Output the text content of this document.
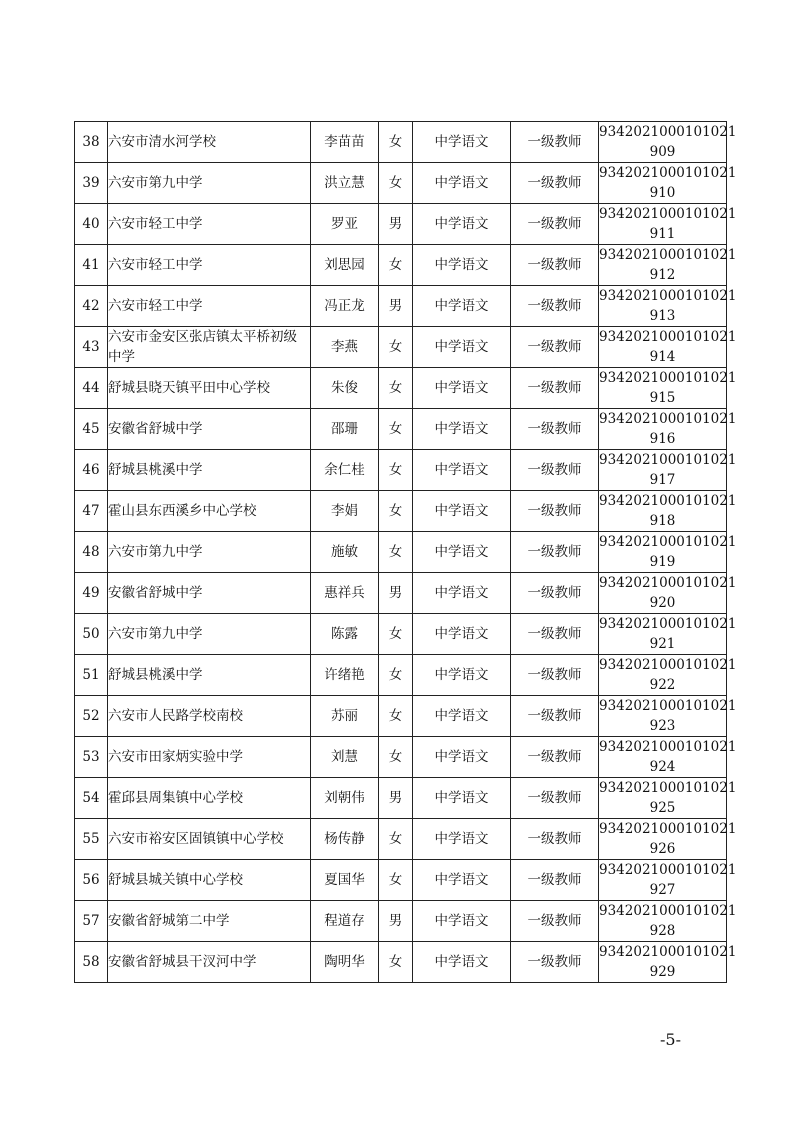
38	六安市清水河学校	李苗苗	女	中学语文	一级教师	9342021000101021
909

39	六安市第九中学	洪立慧	女	中学语文	一级教师	9342021000101021
910

40	六安市轻工中学	罗亚	男	中学语文	一级教师	9342021000101021
911

41	六安市轻工中学	刘思园	女	中学语文	一级教师	9342021000101021
912

42	六安市轻工中学	冯正龙	男	中学语文	一级教师	9342021000101021
913

43	六安市金安区张店镇太平桥初级中学	李燕	女	中学语文	一级教师	9342021000101021
914

44	舒城县晓天镇平田中心学校	朱俊	女	中学语文	一级教师	9342021000101021
915

45	安徽省舒城中学	邵珊	女	中学语文	一级教师	9342021000101021
916

46	舒城县桃溪中学	余仁桂	女	中学语文	一级教师	9342021000101021
917

47	霍山县东西溪乡中心学校	李娟	女	中学语文	一级教师	9342021000101021
918

48	六安市第九中学	施敏	女	中学语文	一级教师	9342021000101021
919

49	安徽省舒城中学	惠祥兵	男	中学语文	一级教师	9342021000101021
920

50	六安市第九中学	陈露	女	中学语文	一级教师	9342021000101021
921

51	舒城县桃溪中学	许绪艳	女	中学语文	一级教师	9342021000101021
922

52	六安市人民路学校南校	苏丽	女	中学语文	一级教师	9342021000101021
923

53	六安市田家炳实验中学	刘慧	女	中学语文	一级教师	9342021000101021
924

54	霍邱县周集镇中心学校	刘朝伟	男	中学语文	一级教师	9342021000101021
925

55	六安市裕安区固镇镇中心学校	杨传静	女	中学语文	一级教师	9342021000101021
926

56	舒城县城关镇中心学校	夏国华	女	中学语文	一级教师	9342021000101021
927

57	安徽省舒城第二中学	程道存	男	中学语文	一级教师	9342021000101021
928

58	安徽省舒城县干汊河中学	陶明华	女	中学语文	一级教师	9342021000101021
929
-5-
